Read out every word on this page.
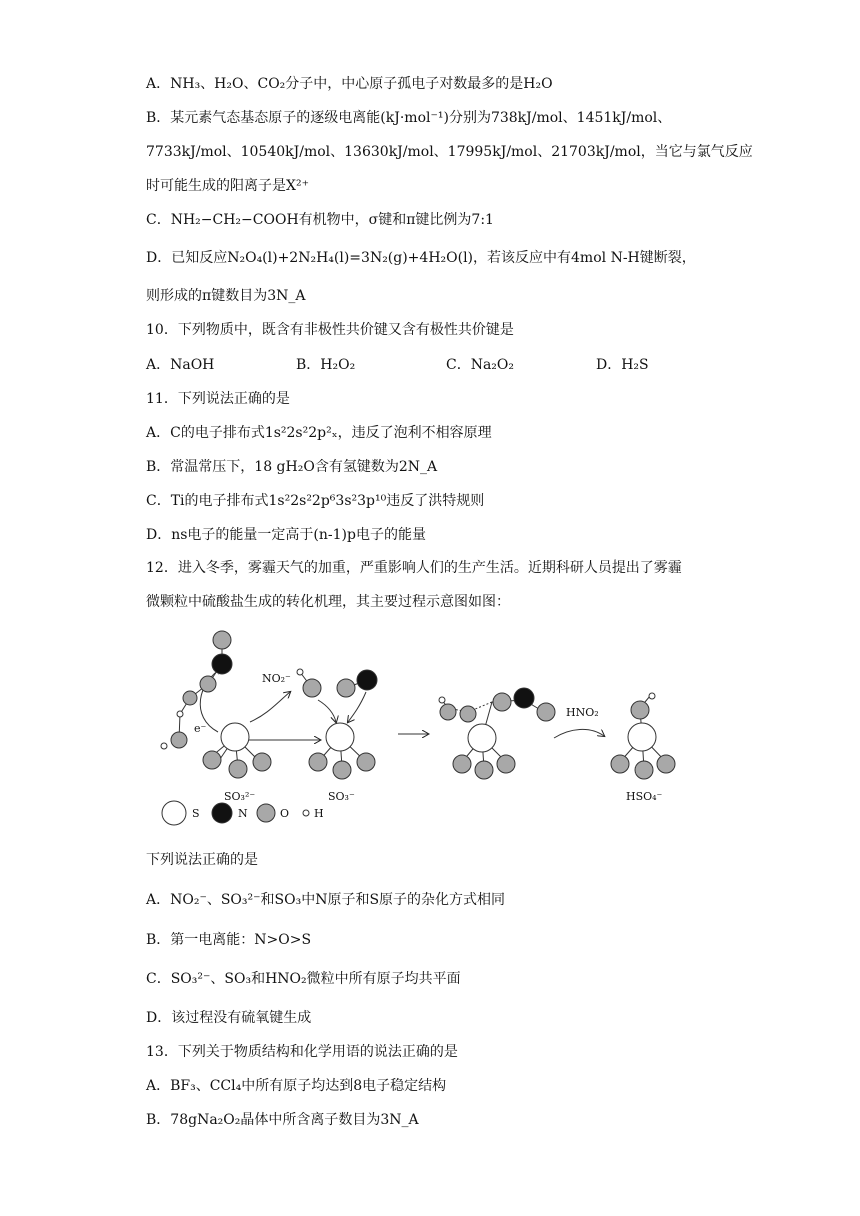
A．NH₃、H₂O、CO₂分子中，中心原子孤电子对数最多的是H₂O
B．某元素气态基态原子的逐级电离能(kJ·mol⁻¹)分别为738kJ/mol、1451kJ/mol、
7733kJ/mol、10540kJ/mol、13630kJ/mol、17995kJ/mol、21703kJ/mol，当它与氯气反应
时可能生成的阳离子是X²⁺
C．NH₂−CH₂−COOH有机物中，σ键和π键比例为7:1
D．已知反应N₂O₄(l)+2N₂H₄(l)=3N₂(g)+4H₂O(l)，若该反应中有4mol N-H键断裂，
则形成的π键数目为3N_A
10．下列物质中，既含有非极性共价键又含有极性共价键是
A．NaOH	B．H₂O₂	C．Na₂O₂	D．H₂S
11．下列说法正确的是
A．C的电子排布式1s²2s²2p²ₓ，违反了泡利不相容原理
B．常温常压下，18 gH₂O含有氢键数为2N_A
C．Ti的电子排布式1s²2s²2p⁶3s²3p¹⁰违反了洪特规则
D．ns电子的能量一定高于(n-1)p电子的能量
12．进入冬季，雾霾天气的加重，严重影响人们的生产生活。近期科研人员提出了雾霾
微颗粒中硫酸盐生成的转化机理，其主要过程示意图如图：
NO₂⁻
e⁻
SO₃²⁻	SO₃⁻
HNO₂
HSO₄⁻
S	N	O H
下列说法正确的是
A．NO₂⁻、SO₃²⁻和SO₃中N原子和S原子的杂化方式相同
B．第一电离能：N>O>S
C．SO₃²⁻、SO₃和HNO₂微粒中所有原子均共平面
D．该过程没有硫氧键生成
13．下列关于物质结构和化学用语的说法正确的是
A．BF₃、CCl₄中所有原子均达到8电子稳定结构
B．78gNa₂O₂晶体中所含离子数目为3N_A
